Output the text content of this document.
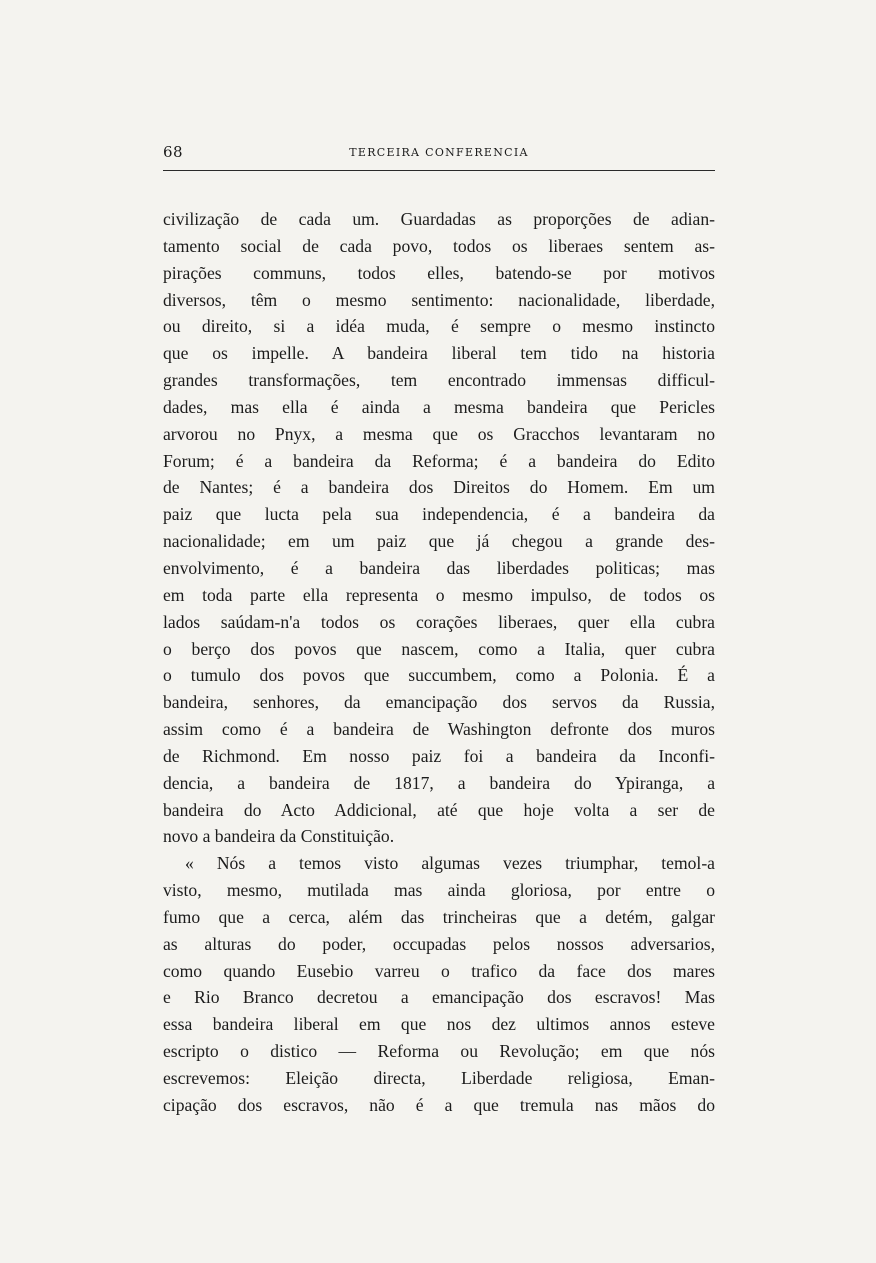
68	TERCEIRA CONFERENCIA
civilização de cada um. Guardadas as proporções de adian-
tamento social de cada povo, todos os liberaes sentem as-
pirações communs, todos elles, batendo-se por motivos
diversos, têm o mesmo sentimento: nacionalidade, liberdade,
ou direito, si a idéa muda, é sempre o mesmo instincto
que os impelle. A bandeira liberal tem tido na historia
grandes transformações, tem encontrado immensas difficul-
dades, mas ella é ainda a mesma bandeira que Pericles
arvorou no Pnyx, a mesma que os Gracchos levantaram no
Forum; é a bandeira da Reforma; é a bandeira do Edito
de Nantes; é a bandeira dos Direitos do Homem. Em um
paiz que lucta pela sua independencia, é a bandeira da
nacionalidade; em um paiz que já chegou a grande des-
envolvimento, é a bandeira das liberdades politicas; mas
em toda parte ella representa o mesmo impulso, de todos os
lados saúdam-n'a todos os corações liberaes, quer ella cubra
o berço dos povos que nascem, como a Italia, quer cubra
o tumulo dos povos que succumbem, como a Polonia. É a
bandeira, senhores, da emancipação dos servos da Russia,
assim como é a bandeira de Washington defronte dos muros
de Richmond. Em nosso paiz foi a bandeira da Inconfi-
dencia, a bandeira de 1817, a bandeira do Ypiranga, a
bandeira do Acto Addicional, até que hoje volta a ser de
novo a bandeira da Constituição.
« Nós a temos visto algumas vezes triumphar, temol-a
visto, mesmo, mutilada mas ainda gloriosa, por entre o
fumo que a cerca, além das trincheiras que a detém, galgar
as alturas do poder, occupadas pelos nossos adversarios,
como quando Eusebio varreu o trafico da face dos mares
e Rio Branco decretou a emancipação dos escravos! Mas
essa bandeira liberal em que nos dez ultimos annos esteve
escripto o distico — Reforma ou Revolução; em que nós
escrevemos: Eleição directa, Liberdade religiosa, Eman-
cipação dos escravos, não é a que tremula nas mãos do
